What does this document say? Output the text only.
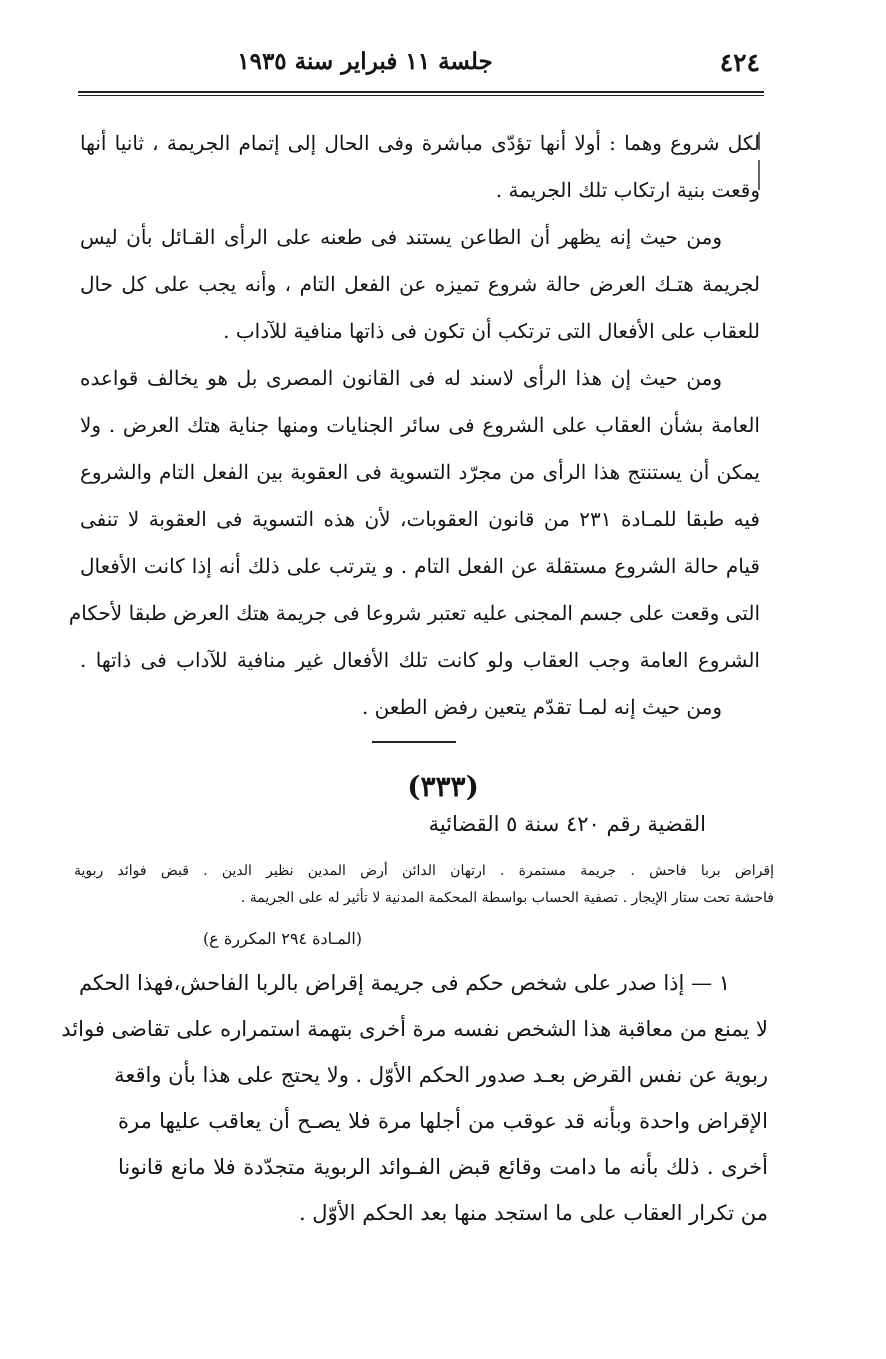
٤٢٤
جلسة ١١ فبراير سنة ١٩٣٥
لكل شروع وهما : أولا أنها تؤدّى مباشرة وفى الحال إلى إتمام الجريمة ، ثانيا أنها
وقعت بنية ارتكاب تلك الجريمة .
ومن حيث إنه يظهر أن الطاعن يستند فى طعنه على الرأى القـائل بأن ليس
لجريمة هتـك العرض حالة شروع تميزه عن الفعل التام ، وأنه يجب على كل حال
للعقاب على الأفعال التى ترتكب أن تكون فى ذاتها منافية للآداب .
ومن حيث إن هذا الرأى لاسند له فى القانون المصرى بل هو يخالف قواعده
العامة بشأن العقاب على الشروع فى سائر الجنايات ومنها جناية هتك العرض . ولا
يمكن أن يستنتج هذا الرأى من مجرّد التسوية فى العقوبة بين الفعل التام والشروع
فيه طبقا للمـادة ٢٣١ من قانون العقوبات، لأن هذه التسوية فى العقوبة لا تنفى
قيام حالة الشروع مستقلة عن الفعل التام . و يترتب على ذلك أنه إذا كانت الأفعال
التى وقعت على جسم المجنى عليه تعتبر شروعا فى جريمة هتك العرض طبقا لأحكام
الشروع العامة وجب العقاب ولو كانت تلك الأفعال غير منافية للآداب فى ذاتها .
ومن حيث إنه لمـا تقدّم يتعين رفض الطعن .
(٣٣٣)
القضية رقم ٤٢٠ سنة ٥ القضائية
إقراض بربا فاحش . جريمة مستمرة . ارتهان الدائن أرض المدين نظير الدين . قبض فوائد ربوية
فاحشة تحت ستار الإيجار . تصفية الحساب بواسطة المحكمة المدنية لا تأثير له على الجريمة .
(المـادة ٢٩٤ المكررة ع)
١ — إذا صدر على شخص حكم فى جريمة إقراض بالربا الفاحش،فهذا الحكم
لا يمنع من معاقبة هذا الشخص نفسه مرة أخرى بتهمة استمراره على تقاضى فوائد
ربوية عن نفس القرض بعـد صدور الحكم الأوّل . ولا يحتج على هذا بأن واقعة
الإقراض واحدة وبأنه قد عوقب من أجلها مرة فلا يصـح أن يعاقب عليها مرة
أخرى . ذلك بأنه ما دامت وقائع قبض الفـوائد الربوية متجدّدة فلا مانع قانونا
من تكرار العقاب على ما استجد منها بعد الحكم الأوّل .
